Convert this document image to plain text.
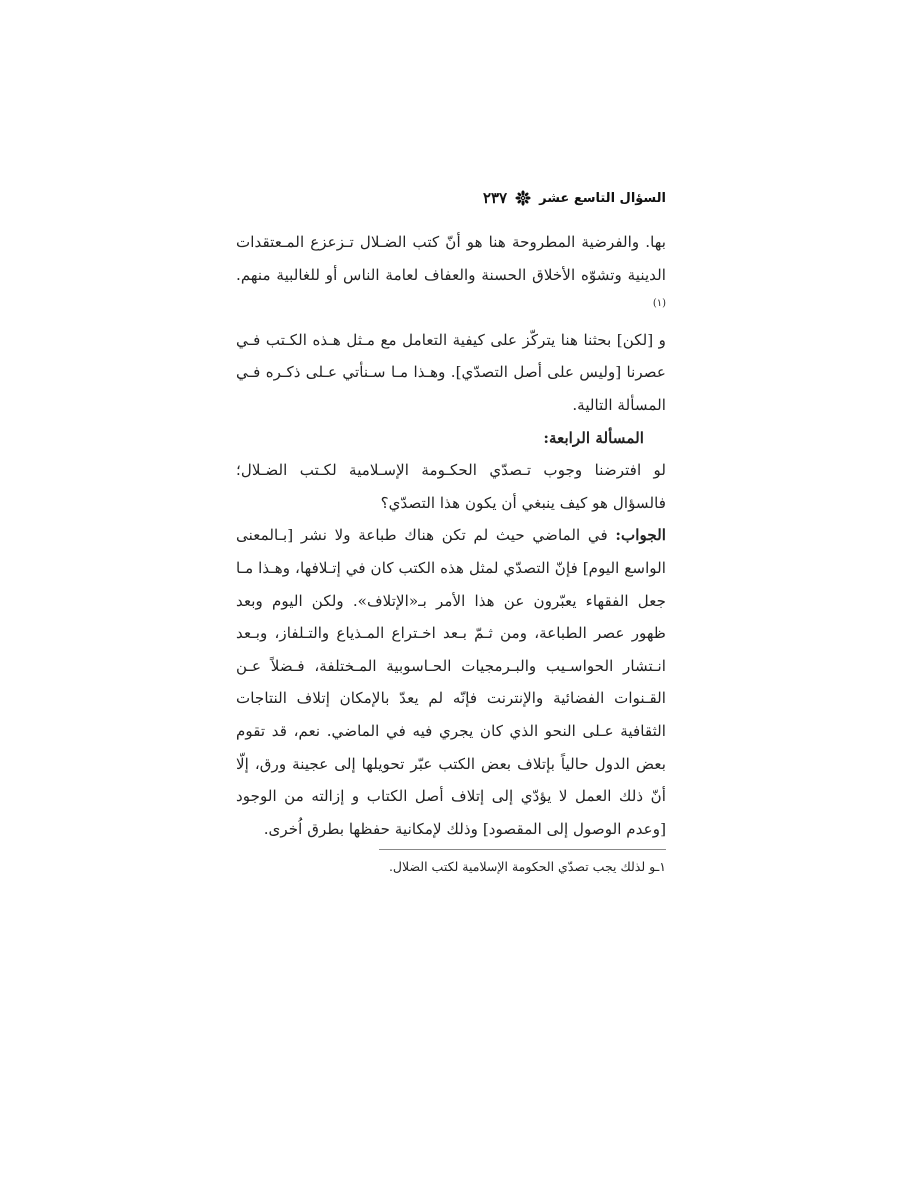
السؤال التاسع عشر
٢٣٧

بها. والفرضية المطروحة هنا هو أنّ كتب الضـلال تـزعزع المـعتقدات الدينية وتشوّه الأخلاق الحسنة والعفاف لعامة الناس أو للغالبية منهم.$^{(١)}$

و [لكن] بحثنا هنا يتركّز على كيفية التعامل مع مـثل هـذه الكـتب فـي عصرنا [وليس على أصل التصدّي]. وهـذا مـا سـنأتي عـلى ذكـره فـي المسألة التالية.

المسألة الرابعة:

لو افترضنا وجوب تـصدّي الحكـومة الإسـلامية لكـتب الضـلال؛ فالسؤال هو كيف ينبغي أن يكون هذا التصدّي؟

الجواب: في الماضي حيث لم تكن هناك طباعة ولا نشر [بـالمعنى الواسع اليوم] فإنّ التصدّي لمثل هذه الكتب كان في إتـلافها، وهـذا مـا جعل الفقهاء يعبّرون عن هذا الأمر بـ«الإتلاف». ولكن اليوم وبعد ظهور عصر الطباعة، ومن ثـمّ بـعد اخـتراع المـذياع والتـلفاز، وبـعد انـتشار الحواسـيب والبـرمجيات الحـاسوبية المـختلفة، فـضلاً عـن القـنوات الفضائية والإنترنت فإنّه لم يعدّ بالإمكان إتلاف النتاجات الثقافية عـلى النحو الذي كان يجري فيه في الماضي. نعم، قد تقوم بعض الدول حالياً بإتلاف بعض الكتب عبّر تحويلها إلى عجينة ورق، إلّا أنّ ذلك العمل لا يؤدّي إلى إتلاف أصل الكتاب و إزالته من الوجود [وعدم الوصول إلى المقصود] وذلك لإمكانية حفظها بطرق اُخرى.

١ـو لذلك يجب تصدّي الحكومة الإسلامية لكتب الضلال.
